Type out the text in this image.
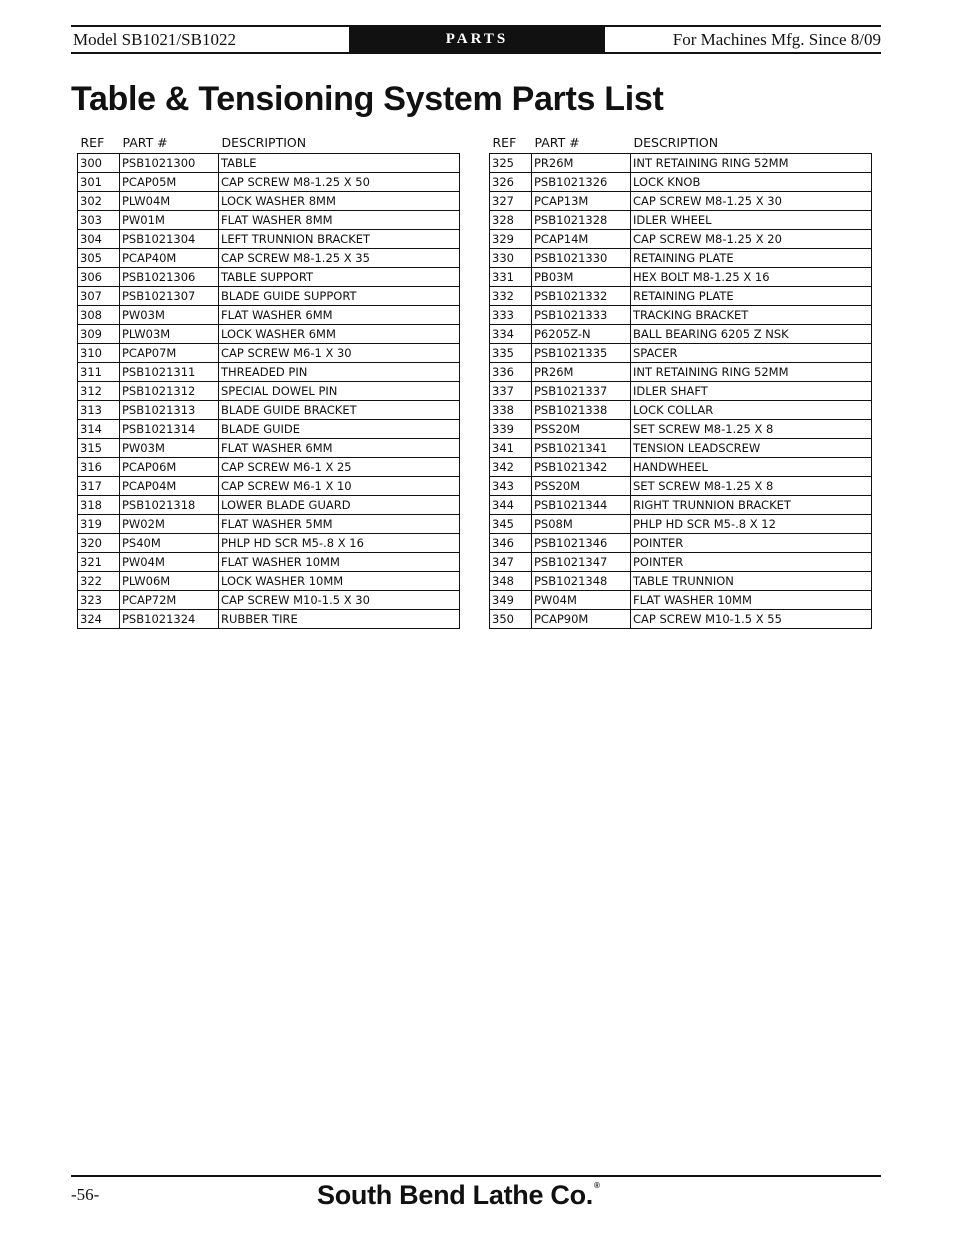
Model SB1021/SB1022	PARTS	For Machines Mfg. Since 8/09
Table & Tensioning System Parts List
REF	PART #	DESCRIPTION
300	PSB1021300	TABLE
301	PCAP05M	CAP SCREW M8-1.25 X 50
302	PLW04M	LOCK WASHER 8MM
303	PW01M	FLAT WASHER 8MM
304	PSB1021304	LEFT TRUNNION BRACKET
305	PCAP40M	CAP SCREW M8-1.25 X 35
306	PSB1021306	TABLE SUPPORT
307	PSB1021307	BLADE GUIDE SUPPORT
308	PW03M	FLAT WASHER 6MM
309	PLW03M	LOCK WASHER 6MM
310	PCAP07M	CAP SCREW M6-1 X 30
311	PSB1021311	THREADED PIN
312	PSB1021312	SPECIAL DOWEL PIN
313	PSB1021313	BLADE GUIDE BRACKET
314	PSB1021314	BLADE GUIDE
315	PW03M	FLAT WASHER 6MM
316	PCAP06M	CAP SCREW M6-1 X 25
317	PCAP04M	CAP SCREW M6-1 X 10
318	PSB1021318	LOWER BLADE GUARD
319	PW02M	FLAT WASHER 5MM
320	PS40M	PHLP HD SCR M5-.8 X 16
321	PW04M	FLAT WASHER 10MM
322	PLW06M	LOCK WASHER 10MM
323	PCAP72M	CAP SCREW M10-1.5 X 30
324	PSB1021324	RUBBER TIRE
REF	PART #	DESCRIPTION
325	PR26M	INT RETAINING RING 52MM
326	PSB1021326	LOCK KNOB
327	PCAP13M	CAP SCREW M8-1.25 X 30
328	PSB1021328	IDLER WHEEL
329	PCAP14M	CAP SCREW M8-1.25 X 20
330	PSB1021330	RETAINING PLATE
331	PB03M	HEX BOLT M8-1.25 X 16
332	PSB1021332	RETAINING PLATE
333	PSB1021333	TRACKING BRACKET
334	P6205Z-N	BALL BEARING 6205 Z NSK
335	PSB1021335	SPACER
336	PR26M	INT RETAINING RING 52MM
337	PSB1021337	IDLER SHAFT
338	PSB1021338	LOCK COLLAR
339	PSS20M	SET SCREW M8-1.25 X 8
341	PSB1021341	TENSION LEADSCREW
342	PSB1021342	HANDWHEEL
343	PSS20M	SET SCREW M8-1.25 X 8
344	PSB1021344	RIGHT TRUNNION BRACKET
345	PS08M	PHLP HD SCR M5-.8 X 12
346	PSB1021346	POINTER
347	PSB1021347	POINTER
348	PSB1021348	TABLE TRUNNION
349	PW04M	FLAT WASHER 10MM
350	PCAP90M	CAP SCREW M10-1.5 X 55
-56-	South Bend Lathe Co.®
